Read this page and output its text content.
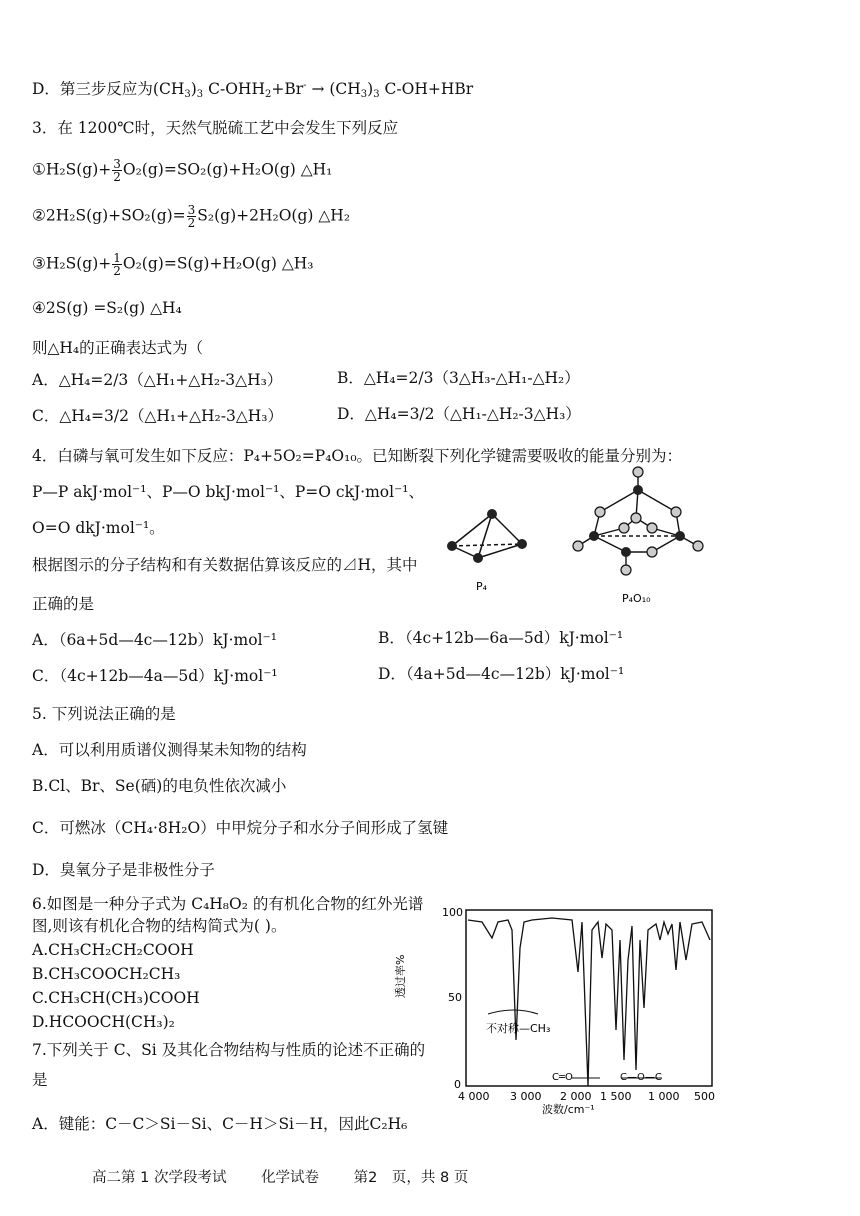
D．第三步反应为$(CH_3)_3$ $C-OHH_2+Br^- \to (CH_3)_3$ C-OH+HBr
3．在 1200℃时，天然气脱硫工艺中会发生下列反应
①H₂S(g)+ $\frac{3}{2} O_2(g)=SO_2(g)+H_2O(g)$ △H₁
②2H₂S(g)+SO₂(g)= $\frac{3}{2} S_2(g)+2H_2O(g)$ △H₂
③H₂S(g)+ $\frac{1}{2} O_2(g)=S(g)+H_2O(g)$ △H₃
④2S(g) =S₂(g) △H₄
则△H₄的正确表达式为（
A．△H₄=2/3（△H₁+△H₂-3△H₃）	B．△H₄=2/3（3△H₃-△H₁-△H₂）
C．△H₄=3/2（△H₁+△H₂-3△H₃）	D．△H₄=3/2（△H₁-△H₂-3△H₃）
4．白磷与氧可发生如下反应：P₄+5O₂=P₄O₁₀。已知断裂下列化学键需要吸收的能量分别为：
P—P akJ·mol⁻¹、P—O bkJ·mol⁻¹、P=O ckJ·mol⁻¹、
O=O dkJ·mol⁻¹。
根据图示的分子结构和有关数据估算该反应的⊿H，其中
正确的是
P₄
P₄O₁₀
A．（6a+5d—4c—12b）kJ·mol⁻¹	B．（4c+12b—6a—5d）kJ·mol⁻¹
C．（4c+12b—4a—5d）kJ·mol⁻¹	D．（4a+5d—4c—12b）kJ·mol⁻¹
5. 下列说法正确的是
A．可以利用质谱仪测得某未知物的结构
B.Cl、Br、Se(硒)的电负性依次减小
C．可燃冰（CH₄·8H₂O）中甲烷分子和水分子间形成了氢键
D．臭氧分子是非极性分子
6.如图是一种分子式为 C₄H₈O₂ 的有机化合物的红外光谱
图,则该有机化合物的结构简式为( )。
A.CH₃CH₂CH₂COOH
B.CH₃COOCH₂CH₃
C.CH₃CH(CH₃)COOH
D.HCOOCH(CH₃)₂
7.下列关于 C、Si 及其化合物结构与性质的论述不正确的
是
A．键能：C－C＞Si－Si、C－H＞Si－H，因此C₂H₆
100
50
0
透过率%
不对称—CH₃
C═O	C—O—C
4 000 3 000 2 000 1 500 1 000 500
波数/cm⁻¹
高二第 1 次学段考试 化学试卷 第2　页，共 8 页
